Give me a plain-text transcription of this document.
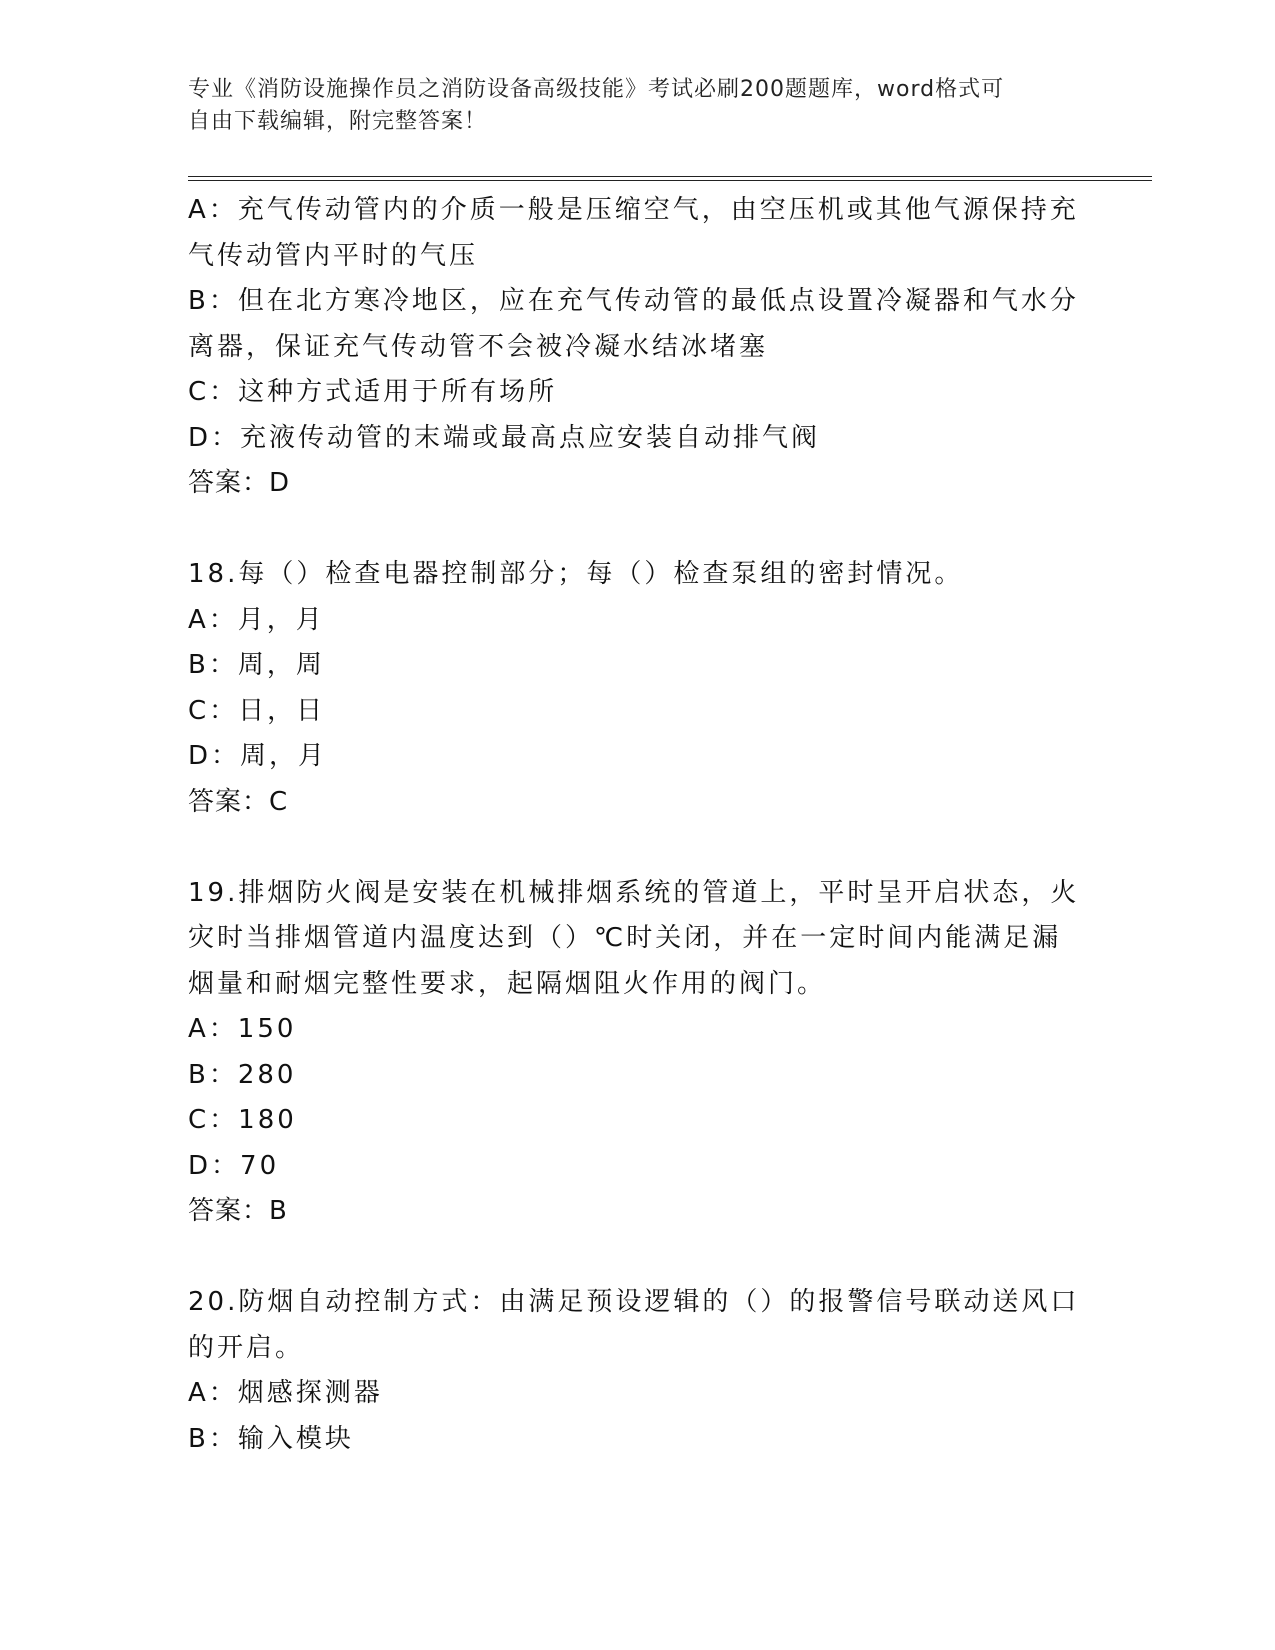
专业《消防设施操作员之消防设备高级技能》考试必刷200题题库，word格式可
自由下载编辑，附完整答案！
A：充气传动管内的介质一般是压缩空气，由空压机或其他气源保持充
气传动管内平时的气压
B：但在北方寒冷地区，应在充气传动管的最低点设置冷凝器和气水分
离器，保证充气传动管不会被冷凝水结冰堵塞
C：这种方式适用于所有场所
D：充液传动管的末端或最高点应安装自动排气阀
答案：D
18.每（）检查电器控制部分；每（）检查泵组的密封情况。
A：月，月
B：周，周
C：日，日
D：周，月
答案：C
19.排烟防火阀是安装在机械排烟系统的管道上，平时呈开启状态，火
灾时当排烟管道内温度达到（）℃时关闭，并在一定时间内能满足漏
烟量和耐烟完整性要求，起隔烟阻火作用的阀门。
A：150
B：280
C：180
D：70
答案：B
20.防烟自动控制方式：由满足预设逻辑的（）的报警信号联动送风口
的开启。
A：烟感探测器
B：输入模块
